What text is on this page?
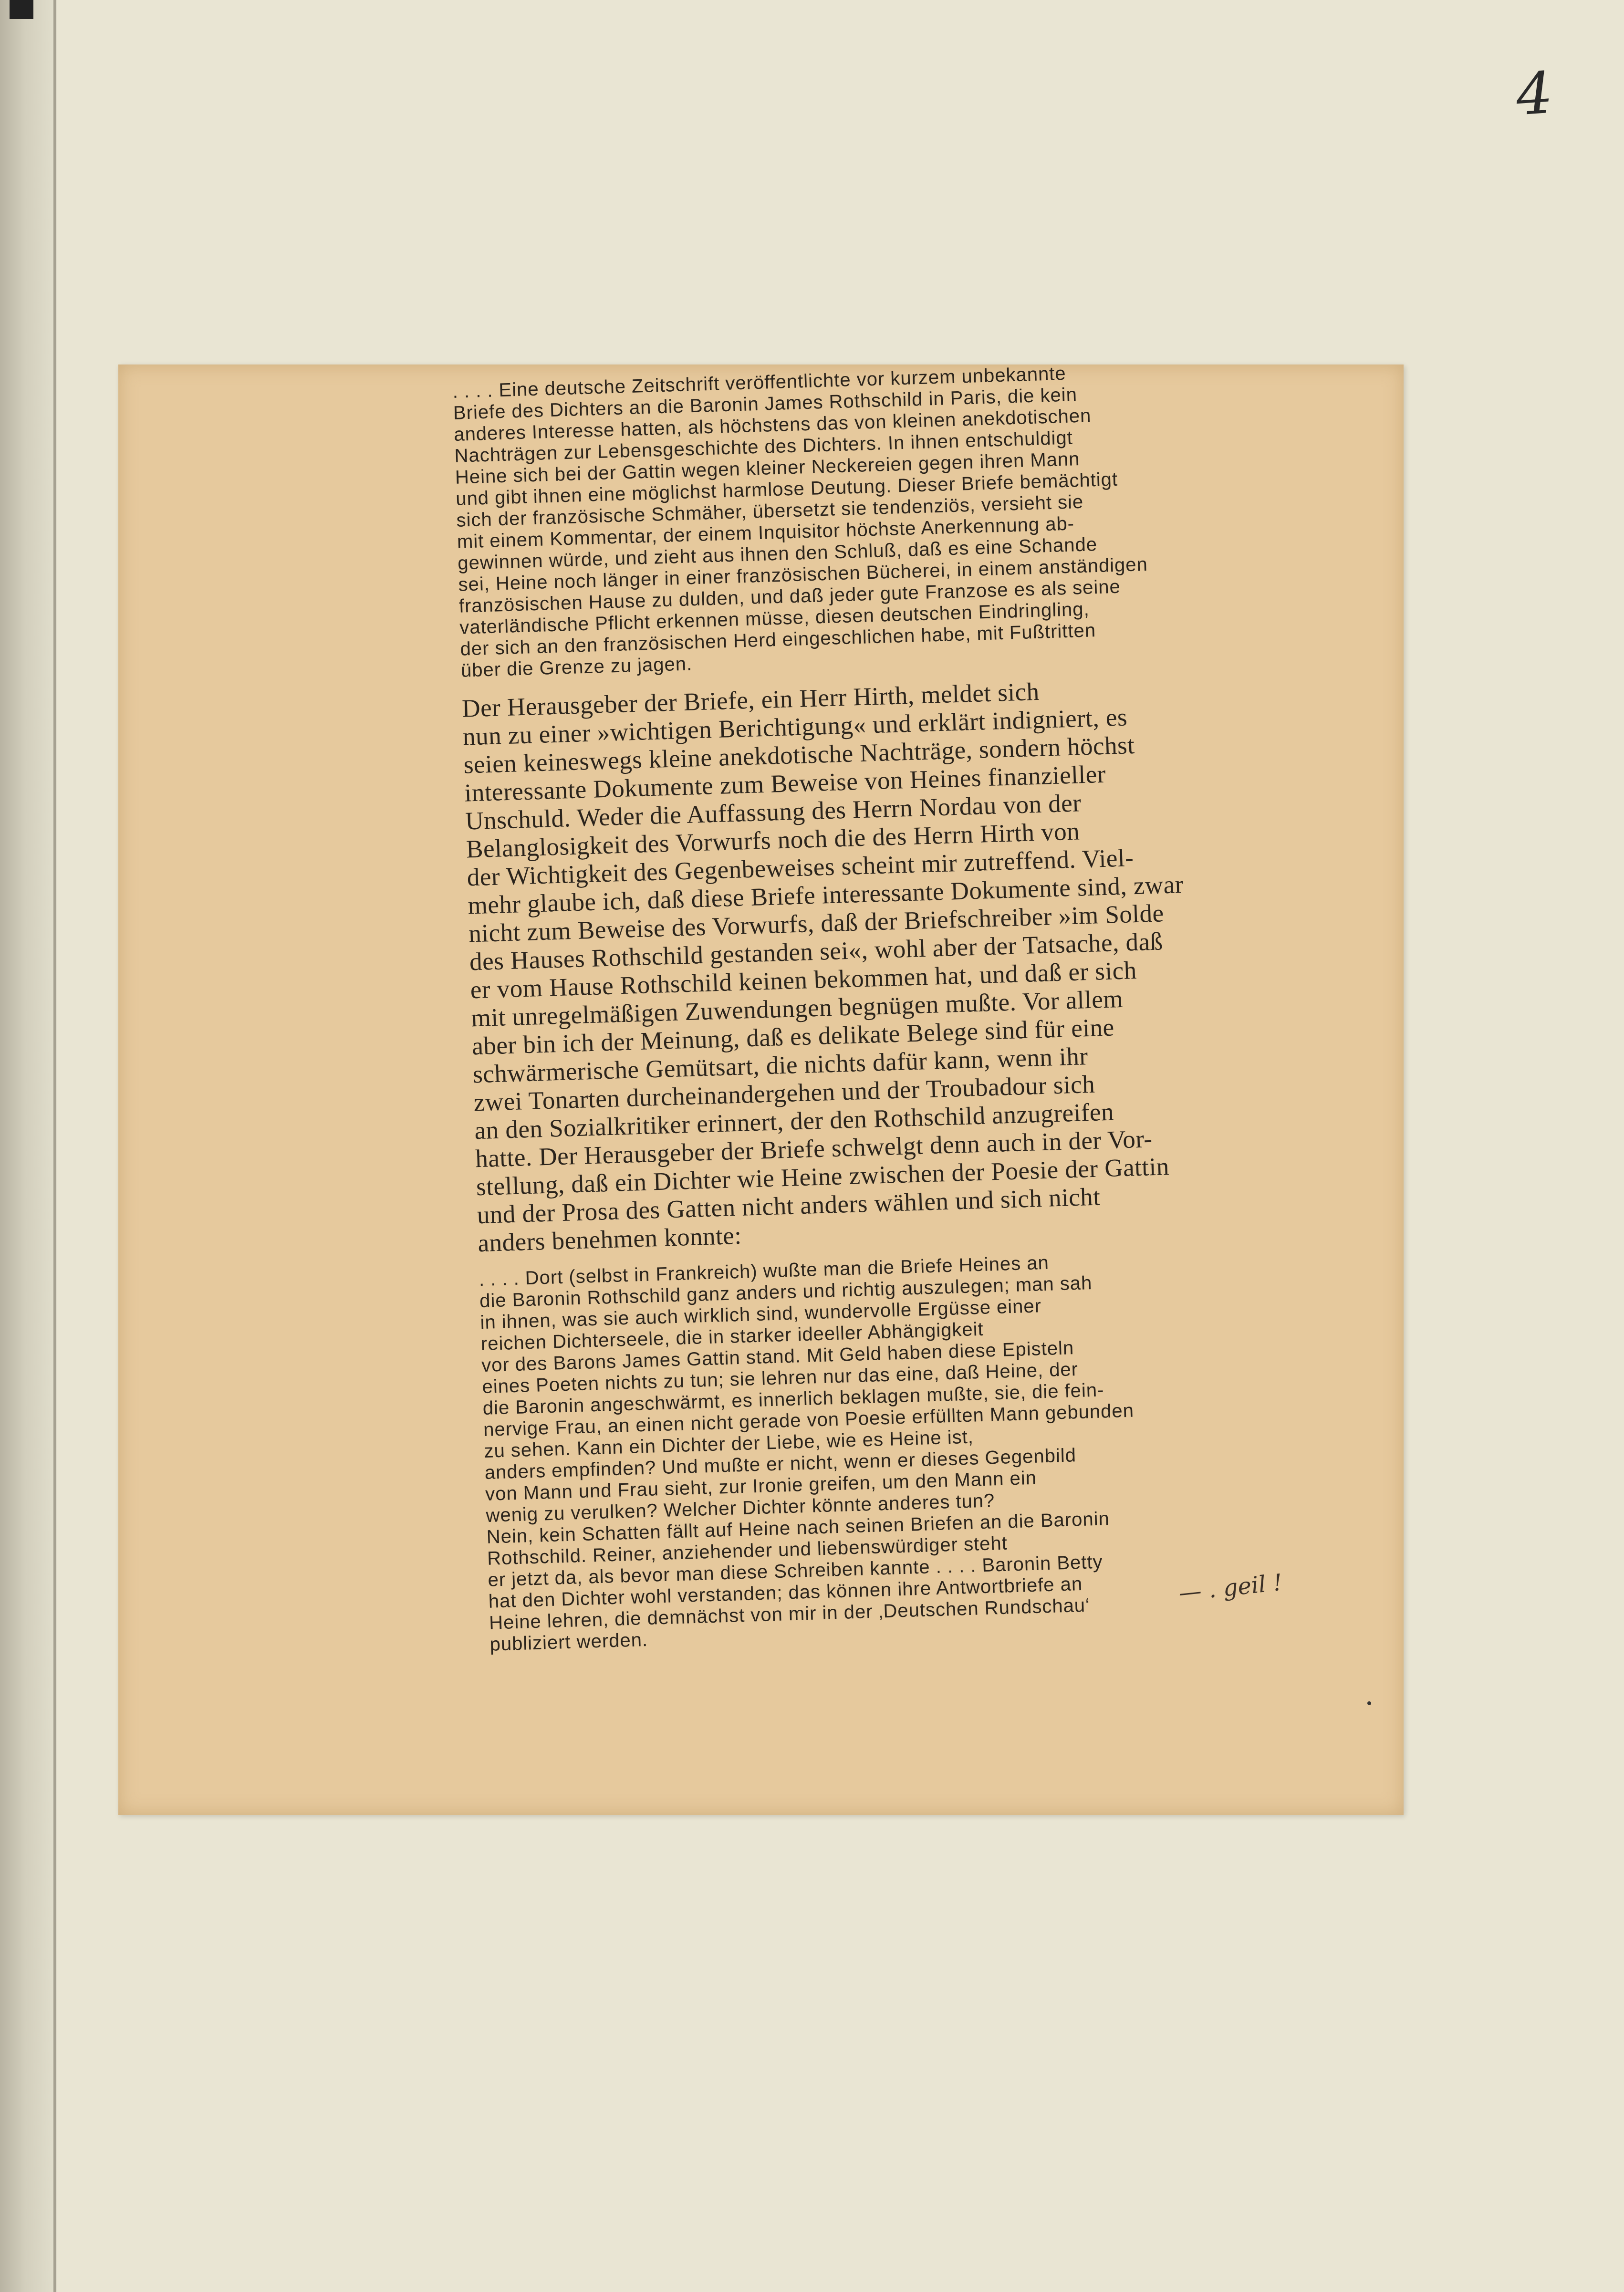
4

. . . . Eine deutsche Zeitschrift veröffentlichte vor kurzem unbekannte
Briefe des Dichters an die Baronin James Rothschild in Paris, die kein
anderes Interesse hatten, als höchstens das von kleinen anekdotischen
Nachträgen zur Lebensgeschichte des Dichters. In ihnen entschuldigt
Heine sich bei der Gattin wegen kleiner Neckereien gegen ihren Mann
und gibt ihnen eine möglichst harmlose Deutung. Dieser Briefe bemächtigt
sich der französische Schmäher, übersetzt sie tendenziös, versieht sie
mit einem Kommentar, der einem Inquisitor höchste Anerkennung ab-
gewinnen würde, und zieht aus ihnen den Schluß, daß es eine Schande
sei, Heine noch länger in einer französischen Bücherei, in einem anständigen
französischen Hause zu dulden, und daß jeder gute Franzose es als seine
vaterländische Pflicht erkennen müsse, diesen deutschen Eindringling,
der sich an den französischen Herd eingeschlichen habe, mit Fußtritten
über die Grenze zu jagen.

Der Herausgeber der Briefe, ein Herr Hirth, meldet sich
nun zu einer »wichtigen Berichtigung« und erklärt indigniert, es
seien keineswegs kleine anekdotische Nachträge, sondern höchst
interessante Dokumente zum Beweise von Heines finanzieller
Unschuld. Weder die Auffassung des Herrn Nordau von der
Belanglosigkeit des Vorwurfs noch die des Herrn Hirth von
der Wichtigkeit des Gegenbeweises scheint mir zutreffend. Viel-
mehr glaube ich, daß diese Briefe interessante Dokumente sind, zwar
nicht zum Beweise des Vorwurfs, daß der Briefschreiber »im Solde
des Hauses Rothschild gestanden sei«, wohl aber der Tatsache, daß
er vom Hause Rothschild keinen bekommen hat, und daß er sich
mit unregelmäßigen Zuwendungen begnügen mußte. Vor allem
aber bin ich der Meinung, daß es delikate Belege sind für eine
schwärmerische Gemütsart, die nichts dafür kann, wenn ihr
zwei Tonarten durcheinandergehen und der Troubadour sich
an den Sozialkritiker erinnert, der den Rothschild anzugreifen
hatte. Der Herausgeber der Briefe schwelgt denn auch in der Vor-
stellung, daß ein Dichter wie Heine zwischen der Poesie der Gattin
und der Prosa des Gatten nicht anders wählen und sich nicht
anders benehmen konnte:

. . . . Dort (selbst in Frankreich) wußte man die Briefe Heines an
die Baronin Rothschild ganz anders und richtig auszulegen; man sah
in ihnen, was sie auch wirklich sind, wundervolle Ergüsse einer
reichen Dichterseele, die in starker ideeller Abhängigkeit
vor des Barons James Gattin stand. Mit Geld haben diese Episteln
eines Poeten nichts zu tun; sie lehren nur das eine, daß Heine, der
die Baronin angeschwärmt, es innerlich beklagen mußte, sie, die fein-
nervige Frau, an einen nicht gerade von Poesie erfüllten Mann gebunden
zu sehen. Kann ein Dichter der Liebe, wie es Heine ist,
anders empfinden? Und mußte er nicht, wenn er dieses Gegenbild
von Mann und Frau sieht, zur Ironie greifen, um den Mann ein
wenig zu verulken? Welcher Dichter könnte anderes tun?
Nein, kein Schatten fällt auf Heine nach seinen Briefen an die Baronin
Rothschild. Reiner, anziehender und liebenswürdiger steht
er jetzt da, als bevor man diese Schreiben kannte . . . . Baronin Betty
hat den Dichter wohl verstanden; das können ihre Antwortbriefe an
Heine lehren, die demnächst von mir in der ‚Deutschen Rundschau‘
publiziert werden.

— . geil !
